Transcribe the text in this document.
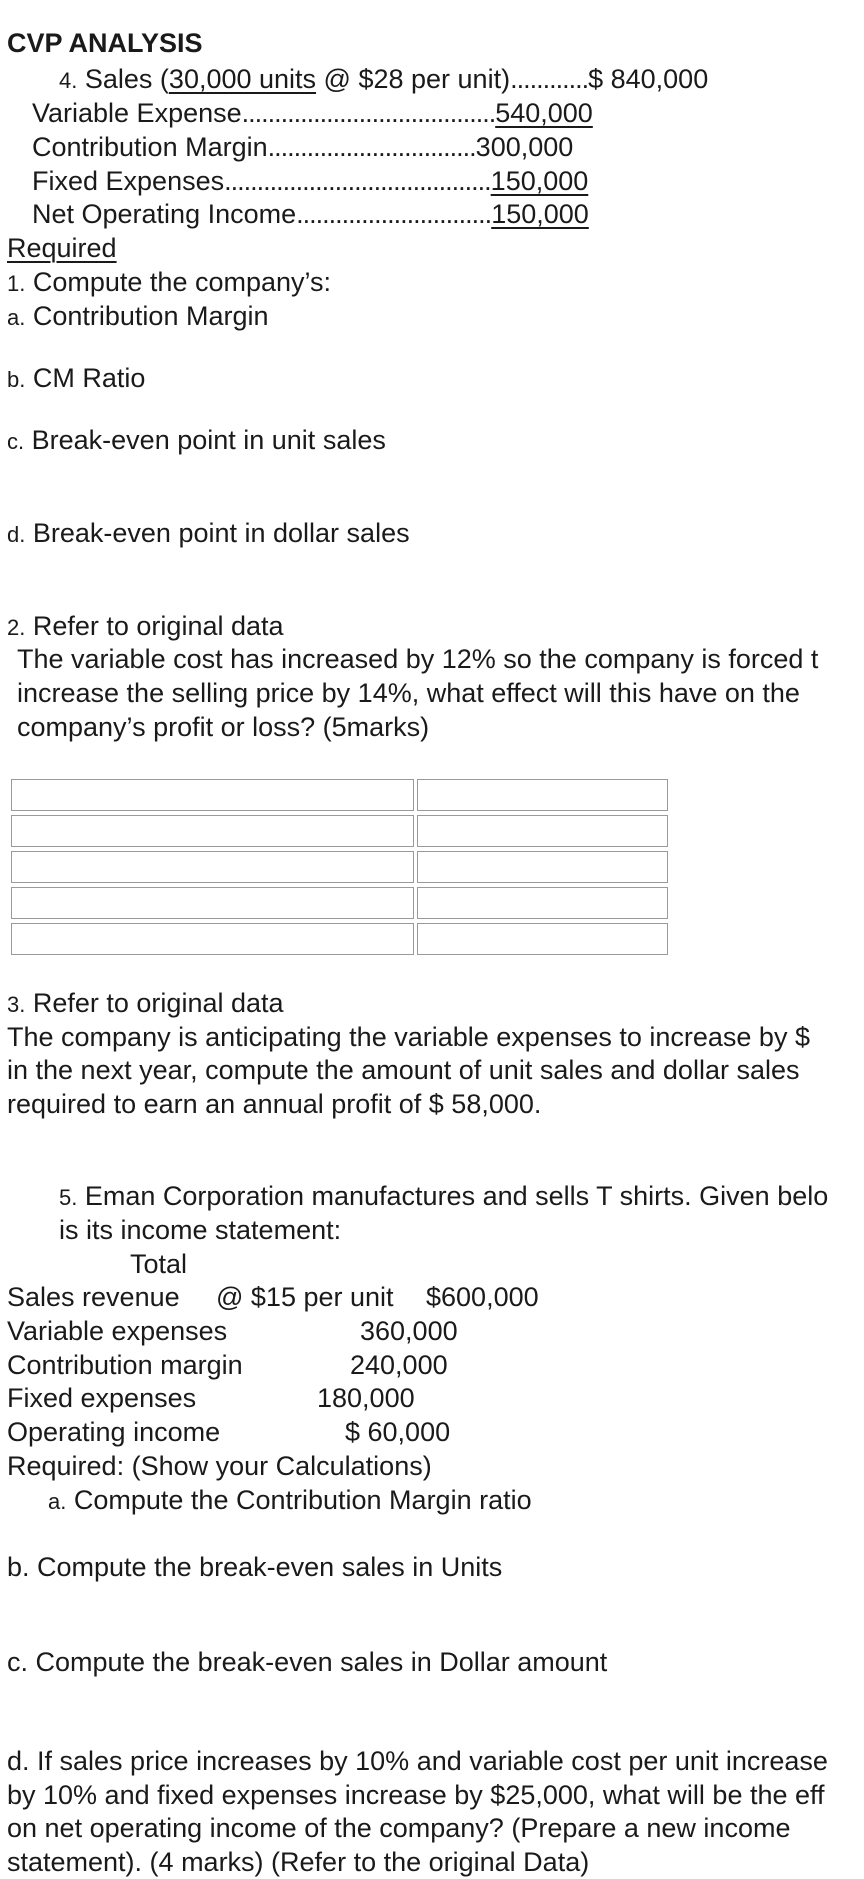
CVP ANALYSIS
4. Sales (30,000 units @ $28 per unit)............$ 840,000
Variable Expense.......................................540,000
Contribution Margin................................300,000
Fixed Expenses.........................................150,000
Net Operating Income..............................150,000
Required
1. Compute the company’s:
a. Contribution Margin
b. CM Ratio
c. Break-even point in unit sales
d. Break-even point in dollar sales
2. Refer to original data
The variable cost has increased by 12% so the company is forced t
increase the selling price by 14%, what effect will this have on the
company’s profit or loss? (5marks)

3. Refer to original data
The company is anticipating the variable expenses to increase by $
in the next year, compute the amount of unit sales and dollar sales
required to earn an annual profit of $ 58,000.
5. Eman Corporation manufactures and sells T shirts. Given belo
is its income statement:
Total
Sales revenue @ $15 per unit $600,000
Variable expenses	360,000
Contribution margin	240,000
Fixed expenses	180,000
Operating income	$ 60,000
Required: (Show your Calculations)
a. Compute the Contribution Margin ratio
b. Compute the break-even sales in Units
c. Compute the break-even sales in Dollar amount
d. If sales price increases by 10% and variable cost per unit increase
by 10% and fixed expenses increase by $25,000, what will be the eff
on net operating income of the company? (Prepare a new income
statement). (4 marks) (Refer to the original Data)
